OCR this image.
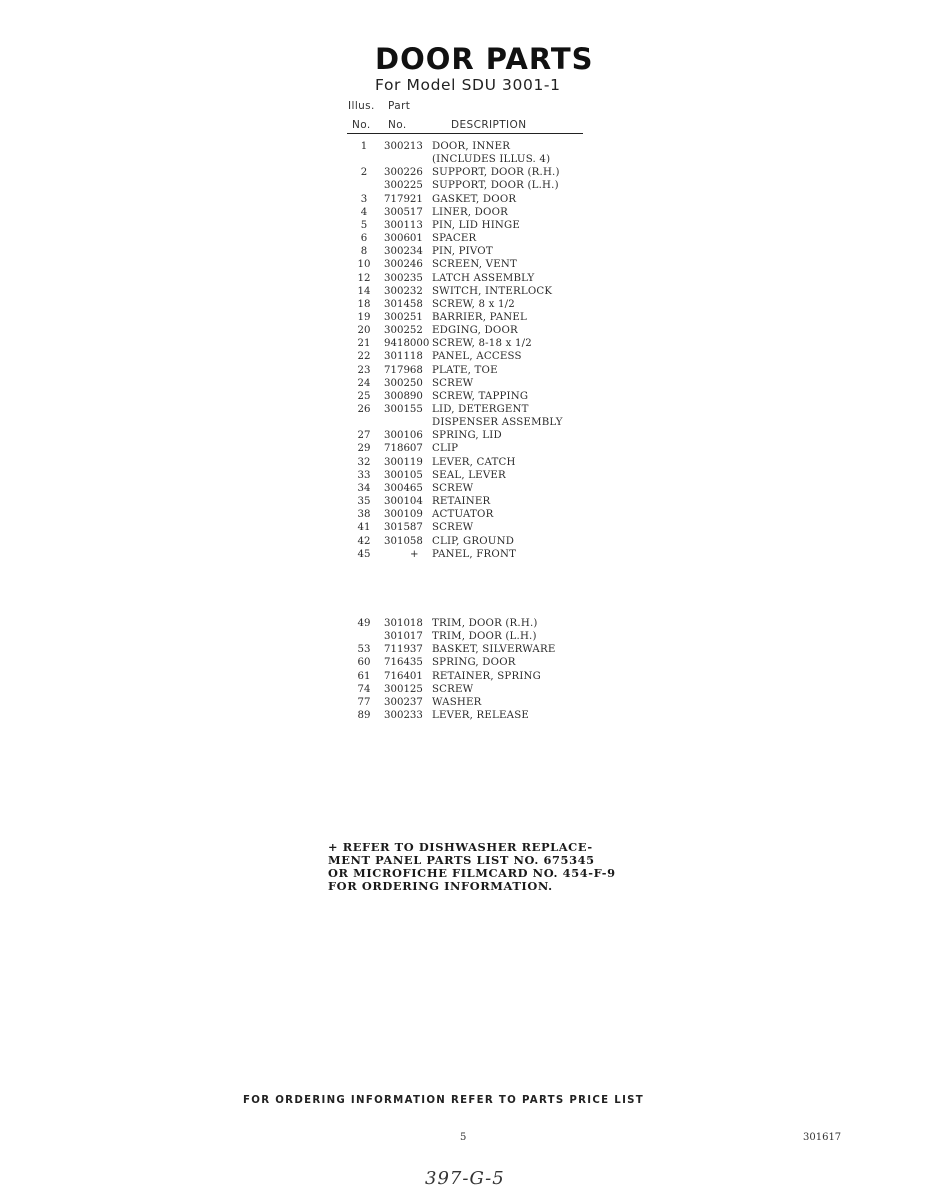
DOOR PARTS
For Model SDU 3001-1
Illus. Part
No. No.	DESCRIPTION
1	300213 DOOR, INNER
(INCLUDES ILLUS. 4)
2	300226 SUPPORT, DOOR (R.H.)
300225 SUPPORT, DOOR (L.H.)
3	717921 GASKET, DOOR
4	300517 LINER, DOOR
5	300113 PIN, LID HINGE
6	300601 SPACER
8	300234 PIN, PIVOT
10	300246 SCREEN, VENT
12	300235 LATCH ASSEMBLY
14	300232 SWITCH, INTERLOCK
18	301458 SCREW, 8 x 1/2
19	300251 BARRIER, PANEL
20	300252 EDGING, DOOR
21	9418000 SCREW, 8-18 x 1/2
22	301118 PANEL, ACCESS
23	717968 PLATE, TOE
24	300250 SCREW
25	300890 SCREW, TAPPING
26	300155 LID, DETERGENT
DISPENSER ASSEMBLY
27	300106 SPRING, LID
29	718607 CLIP
32	300119 LEVER, CATCH
33	300105 SEAL, LEVER
34	300465 SCREW
35	300104 RETAINER
38	300109 ACTUATOR
41	301587 SCREW
42	301058 CLIP, GROUND
45	+ PANEL, FRONT
49	301018 TRIM, DOOR (R.H.)
301017 TRIM, DOOR (L.H.)
53	711937 BASKET, SILVERWARE
60	716435 SPRING, DOOR
61	716401 RETAINER, SPRING
74	300125 SCREW
77	300237 WASHER
89	300233 LEVER, RELEASE
+ REFER TO DISHWASHER REPLACE-
MENT PANEL PARTS LIST NO. 675345
OR MICROFICHE FILMCARD NO. 454-F-9
FOR ORDERING INFORMATION.
FOR ORDERING INFORMATION REFER TO PARTS PRICE LIST
5	301617
397-G-5
